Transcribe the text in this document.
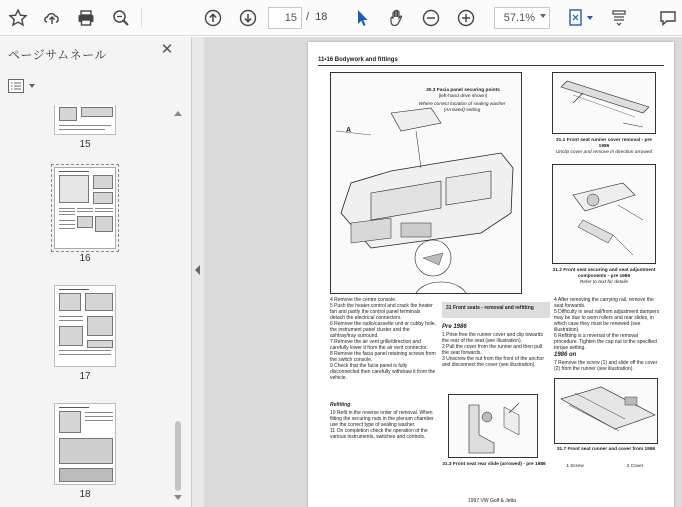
15
/ 18
57.1%
ページサムネール	✕
15
16
17
18
11•16 Bodywork and fittings
A
30.3 Facia panel securing points
(left-hand drive shown)
Where correct location of sealing washer
(Arrowed) setting
31.1 Front seat runner cover removal - pre 1986
Unclip cover and remove in direction arrowed
31.2 Front seat securing and seat adjustment components - pre 1986
Refer to text for details
4 Remove the centre console.
5 Push the heater control and crack the heater fan and partly the control panel terminals detach the electrical connectors.
6 Remove the radio/cassette unit or cubby hole, the instrument panel cluster and the ashtray/tray surround.
7 Remove the air vent grille/direction and carefully lower it from the air vent connector.
8 Remove the facia panel retaining screws from the switch console.
9 Check that the facia panel is fully disconnected then carefully withdraw it from the vehicle.
Refitting
10 Refit in the reverse order of removal. When fitting the securing nuts in the plenum chamber use the correct type of sealing washer.
11 On completion check the operation of the various instruments, switches and controls.
31 Front seats - removal and refitting
Pre 1986
1 Prise free the runner cover and clip towards the rear of the seat (see illustration).
2 Pull the cover from the runner and then pull the seat forwards.
3 Unscrew the nut from the front of the anchor and disconnect the cover (see illustration).
31.3 Front seat rear slide (arrowed) - pre 1986
4 After removing the carrying rail, remove the seat forwards.
5 Difficulty in seat rail/from adjustment dampers may be due to worn rollers and rear slides, in which case they must be renewed (see illustration).
6 Refitting is a reversal of the removal procedure. Tighten the cap nut to the specified torque setting.
1986 on
7 Remove the screw (1) and slide off the cover (2) from the runner (see illustration).
31.7 Front seat runner and cover from 1986
1 Screw	2 Cover
1997 VW Golf & Jetta
